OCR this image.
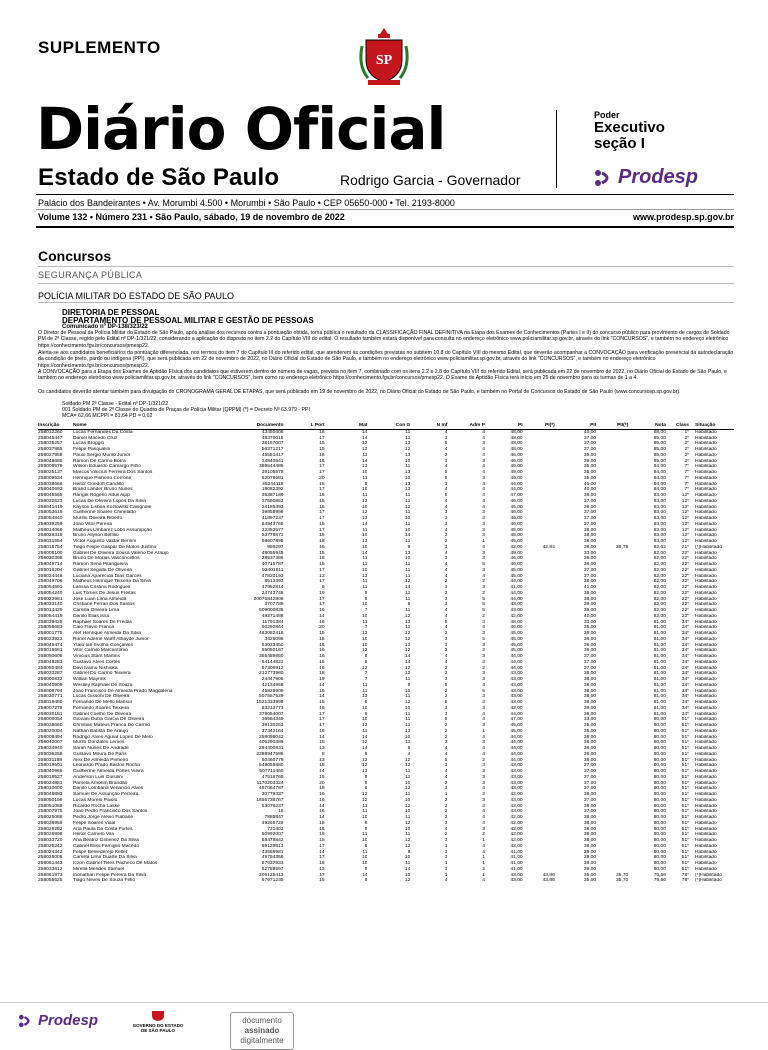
SUPLEMENTO
SP
Diário Oficial
Estado de São Paulo	Rodrigo Garcia - Governador
Poder
Executivo
seção I
Prodesp
Palácio dos Bandeirantes • Av. Morumbi 4.500 • Morumbi • São Paulo • CEP 05650-000 • Tel. 2193-8000
Volume 132 • Número 231 • São Paulo, sábado, 19 de novembro de 2022	www.prodesp.sp.gov.br
Concursos
SEGURANÇA PÚBLICA
POLÍCIA MILITAR DO ESTADO DE SÃO PAULO
DIRETORIA DE PESSOAL
DEPARTAMENTO DE PESSOAL MILITAR E GESTÃO DE PESSOAS
Comunicado nº DP-138/323/22
O Diretor de Pessoal da Polícia Militar do Estado de São Paulo, após análise dos recursos contra a pontuação obtida, torna pública o resultado da CLASSIFICAÇÃO FINAL DEFINITIVA na Etapa dos Exames de Conhecimentos (Partes I e II) do concurso público para provimento de cargos de Soldado PM de 2ª Classe, regido pelo Edital nº DP-1/321/22, considerando a aplicação do disposto no item 2.2 do Capítulo VIII do edital. O resultado também estará disponível para consulta no endereço eletrônico www.policiamilitar.sp.gov.br, através do link "CONCURSOS", e também no endereço eletrônico https://conhecimento.fgv.br/concursos/pmesp22.
Alerta-se aos candidatos beneficiários da pontuação diferenciada, nos termos do item 7 do Capítulo III do referido edital, que atenderem às condições previstas no subitem 10.8 do Capítulo VIII do mesmo Edital, que deverão acompanhar a CONVOCAÇÃO para verificação presencial da autodeclaração da condição de preto, pardo ou indígena (PPI), que será publicada em 22 de novembro de 2022, no Diário Oficial do Estado de São Paulo, e também no endereço eletrônico www.policiamilitar.sp.gov.br, através do link "CONCURSOS", e também no endereço eletrônico https://conhecimento.fgv.br/concursos/pmesp22.
A CONVOCAÇÃO para a Etapa dos Exames de Aptidão Física dos candidatos que estiverem dentro do número de vagas, prevista no item 7, combinado com os itens 2.2 e 2.8 do Capítulo VIII do referido Edital, será publicada em 22 de novembro de 2022, no Diário Oficial do Estado de São Paulo, e também no endereço eletrônico www.policiamilitar.sp.gov.br, através do link "CONCURSOS", bem como no endereço eletrônico https://conhecimento.fgv.br/concursos/pmesp22. O Exame de Aptidão Física terá início em 25 de novembro para os turmas de 1 a 4.
Os candidatos deverão atentar também para divulgação do CRONOGRAMA GERAL DE ETAPAS, que será publicado em 19 de novembro de 2022, no Diário Oficial do Estado de São Paulo, e também no Portal de Concursos do Estado de São Paulo (www.concursosp.sp.gov.br).
Soldado PM 2ª Classe - Edital nº DP-1/321/22
001 Soldado PM de 2ª Classe do Quadro de Praças de Polícia Militar (QPPM) (*) = Decreto Nº 63.979 - PPI
MCA= 62,66 MCPPI = 81,64 PD = 0,02
Inscrição	Nome	Documento	L Port	Mat	Con G	N Inf	Adm P	PI	PI(*)	PII	PII(*)	Nota	Class	Situação
258012260	Lucas Fernandes Da Costa	43450405	16	14	11	4	4	48,00		40,00		88,00	1º	Habilitado
258045447	Daniel Macedo Cruz	48370015	17	14	11	3	4	48,00		37,00		85,00	2º	Habilitado
258035257	Lucas Broggio	38157007	15	12	13	5	3	48,00		37,00		85,00	2º	Habilitado
258037865	Felipe Pasqualini	56371217	15	13	12	4	4	48,00		37,00		85,00	2º	Habilitado
258027958	Paulo Sergio Murilo Junior	45551417	16	11	13	2	4	46,00		39,00		85,00	2º	Habilitado
258048685	Ramon De Carmo Borra	24840541	16	14	10	3	3	46,00		39,00		85,00	2º	Habilitado
258009579	Wilson Eduardo Camargo Filho	389544486	17	13	11	4	4	49,00		35,00		84,00	7º	Habilitado
258025137	Marcos Vinicius Ferreira Dos Santos	39105578	17	10	13	5	4	49,00		35,00		84,00	7º	Habilitado
258009534	Henrique Pinheiro Cerrone	52078681	20	11	10	5	3	49,00		35,00		84,00	7º	Habilitado
258038666	Heitor Goedoff Candillo	45244118	15	9	13	3	4	44,00		40,00		84,00	7º	Habilitado
258040693	Brand Lander Bruno Nunes	19082392	17	10	13	4	4	44,00		40,00		84,00	7º	Habilitado
258045565	Rangel Rogerio Attuil Aipp	35387189	16	11	11	5	4	47,00		36,00		83,00	12º	Habilitado
258032523	Lucas De Oliveira Lopes Da Silva	27590852	15	12	11	4	4	46,00		37,00		83,00	12º	Habilitado
258041419	Kayson Lisboa Kozlowski Cavignole	24185493	15	10	12	4	4	45,00		38,00		83,00	12º	Habilitado
258053618	Guilherme Soares Chinelatto	39858998	17	12	11	3	3	46,00		37,00		83,00	12º	Habilitado
258054840	Murillo Oliveira Ribeiro	41897237	17	13	10	3	3	46,00		37,00		83,00	12º	Habilitado
258039259	Joao Vitor Pereira	54943765	15	14	11	3	3	46,00		37,00		83,00	12º	Habilitado
258014069	Matheus Umbarez Lobo Assumpção	22352577	17	11	10	4	3	45,00		38,00		83,00	12º	Habilitado
258028318	Bruno Allyson Belfilio	53778871	15	10	14	3	3	45,00		38,00		83,00	12º	Habilitado
258031554	Victor Augusto Valdar Berinni	58607895	18	13	11	2	1	45,00		38,00		83,00	12º	Habilitado
258015754	Tiago Felipe Gaspar De Matos Justino	959297	16	10	9	3	4	42,00	42,84	39,00	39,78	82,62	21º	(*)Habilitado
258008100	Gabriel De Oliveira Sousa Valério De Araújo	48055945	15	14	13	4	3	49,00		33,00		82,00	22º	Habilitado
258030398	Bruno De Morais Vasconcellos	28537386	18	11	10	3	3	46,00		36,00		82,00	22º	Habilitado
258049714	Ramon Sena Pitangueira	40716787	15	11	11	4	5	46,00		36,00		82,00	22º	Habilitado
258016204	Gabriel Segalla De Oliveira	52401811	17	10	11	4	3	45,00		37,00		82,00	22º	Habilitado
258024446	Luciana Aparecida Dias Garcês	47820193	13	13	11	4	4	45,00		37,00		82,00	22º	Habilitado
258049706	Matheus Henrique Teixeira Da Silva	8513393	17	11	12	2	2	44,00		38,00		82,00	22º	Habilitado
258054591	Larissa Cristina Rodrigues	47952814	9	11	14	3	3	41,00		41,00		82,00	22º	Habilitado
258054240	Luis Tomes De Jesus Freitas	24743748	19	9	11	3	2	44,00		39,00		82,00	22º	Habilitado
258023981	José Luan Lima Almeida	20075842909	17	8	11	3	5	44,00		38,00		82,00	22º	Habilitado
258033140	Cristiane Ferrari Dos Santos	3707789	17	10	8	3	5	43,00		39,00		82,00	22º	Habilitado
258014429	Camilla Oliveira Lima	509000835	16	7	11	4	5	43,00		39,00		82,00	22º	Habilitado
258054419	Danilo Elias Issa	49271488	14	10	12	4	2	42,00		40,00		82,00	22º	Habilitado
258039425	Raphael Soares De Freitas	11791384	16	11	13	5	3	48,00		33,00		81,00	34º	Habilitado
258056683	Caio Flávio Franca	50292844	20	7	11	4	4	46,00		35,00		81,00	34º	Habilitado
258001775	Alef Henrique Almeida Da Silva	483082418	15	12	12	3	3	45,00		36,00		81,00	34º	Habilitado
258023922	Ronel Aderne Wolff Athayde Junior	3425096	15	10	12	3	5	45,00		36,00		81,00	34º	Habilitado
258049474	Ytalo Ian Svolha Gonçalves	53033450	16	10	13	3	3	45,00		36,00		81,00	34º	Habilitado
258015661	Vitor Camilo Marcantônio	55050167	16	12	12	3	2	45,00		36,00		81,00	34º	Habilitado
258050608	Vinicius Stant Martins	355489850	16	8	14	4	3	44,00		37,00		81,00	34º	Habilitado
258048283	Gustavo Alves Cortês	54144822	15	8	14	4	3	44,00		37,00		81,00	34º	Habilitado
258050484	Davi Ivamu Nishioka	57306912	16	12	12	2	2	44,00		37,00		81,00	34º	Habilitado
258033287	Gabriel Do Carmo Teixeira	212773960	18	7	12	3	3	43,00		38,00		81,00	34º	Habilitado
258000832	Willian Mayrink	24447905	19	7	11	3	3	43,00		38,00		81,00	34º	Habilitado
258040909	Weslley Raphael De Souza	42134958	14	11	9	5	4	43,00		38,00		81,00	34º	Habilitado
258009794	Joao Francisco De Almeida Prado Magdalena	45828909	15	11	10	2	5	43,00		38,00		81,00	34º	Habilitado
258030771	Lucas Gissoni De Oliveira	507557529	14	13	11	2	3	43,00		38,00		81,00	34º	Habilitado
258019480	Fernando De Mello Mansur	1521333998	15	8	12	5	3	43,00		38,00		81,00	34º	Habilitado
258007278	Fernando Soares Teixeira	53213773	16	10	10	3	3	42,00		39,00		81,00	34º	Habilitado
258030181	Gabriel Coelho De Oliveira	379054007	17	9	11	3	4	44,00		36,00		81,00	34º	Habilitado
258000054	Giovani Dutra Garcia De Oliveira	38584349	17	10	11	5	4	47,00		33,00		80,00	51º	Habilitado
258038660	Christian Mateus Franca Do Carmo	39130253	17	12	11	2	3	45,00		35,00		80,00	51º	Habilitado
258020094	Nathan Batista De Araujo	37342164	18	11	13	2	1	45,00		35,00		80,00	51º	Habilitado
258008494	Rodrigo Alves Aguiar Lopes De Melo	258098042	14	14	10	2	4	44,00		36,00		80,00	51º	Habilitado
258040007	Murilo Gonzales Lemes	405290388	15	12	11	3	3	44,00		36,00		80,00	51º	Habilitado
258034940	Sarah Nunes De Andrade	284400831	13	14	9	4	4	44,00		36,00		80,00	51º	Habilitado
258036258	Gustavo Moura De Paris	2388947586	8	9	4	4	4	44,00		36,00		80,00	51º	Habilitado
258031198	Alex De Almeida Pinheiro	50460779	13	12	12	5	2	44,00		36,00		80,00	51º	Habilitado
258019501	Leonardo Prado Bastos Rocha	549055880	15	12	12	3	3	43,00		37,00		80,00	51º	Habilitado
258040966	Guilherme Almeida Portes Vieira	507711460	14	13	11	4	3	43,00		37,00		80,00	51º	Habilitado
258018527	Anderson Luis Guisilini	47516765	15	8	11	4	3	43,00		37,00		80,00	51º	Habilitado
258024881	Pamela Amorim Brandão	1170203324	20	8	10	2	3	43,00		37,00		80,00	51º	Habilitado
258010600	Danilo Lombardi Venancio Alves	497064787	18	6	12	3	4	43,00		37,00		80,00	51º	Habilitado
258048883	Samuel De Assunção Ferreira	30779337	16	12	11	1	2	42,00		38,00		80,00	51º	Habilitado
258050199	Lucas Morelo Paiolo	1655738767	16	12	10	2	3	43,00		37,00		80,00	51º	Habilitado
258051089	Ricardo Rocha Laske	53078237	14	11	12	2	3	42,00		38,00		80,00	51º	Habilitado
258007975	Joao Pedro Francisco Dos Santos	18	16	11	10	2	4	43,00		37,00		80,00	51º	Habilitado
258025068	Pedro Jorge Alexio Fiabane	7885847	14	10	11	3	4	42,00		38,00		80,00	51º	Habilitado
258036956	Felipe Soares Vidal	49265726	15	8	12	3	4	42,00		38,00		80,00	51º	Habilitado
258026282	Ana Paula Da Costa Fortes	731402	16	9	10	4	3	42,00		38,00		80,00	51º	Habilitado
258026998	Heitor Carnelo Vila	50992007	16	11	11	2	2	42,00		38,00		80,00	51º	Habilitado
258033720	Ana Beatriz Gimenez Da Silva	58478842	15	10	12	3	1	42,00		38,00		80,00	51º	Habilitado
258026242	Gabriel Eliss Famiglio Macêdo	59129813	17	8	12	1	4	42,00		38,00		80,00	51º	Habilitado
258024342	Felipe Belvederejo Keller	43558981	14	11	9	3	4	41,00		39,00		80,00	51º	Habilitado
258026006	Camilla Lima Duarte Da Silva	49754358	17	10	10	3	1	41,00		39,00		80,00	51º	Habilitado
258061443	Iczon Gabriel Teles Pacheco De Matos	67637933	18	10	11	1	1	41,00		39,00		80,00	51º	Habilitado
258033612	Mirella Mendes Samuel	52788597	13	9	14	3	2	41,00		39,00		80,00	51º	Habilitado
258061973	Ihonathan Felipe Pereira Da Silva	205125413	17	14	10	1	1	43,00	43,86	35,00	35,70	79,56	78º	(*)Habilitado
258055625	Tiago Neves De Souza Filho	67971235	15	8	12	4	4	43,00	43,86	35,00	35,70	79,56	78º	(*)Habilitado
Prodesp	GOVERNO DO ESTADO
DE SÃO PAULO
documento
assinado
digitalmente
